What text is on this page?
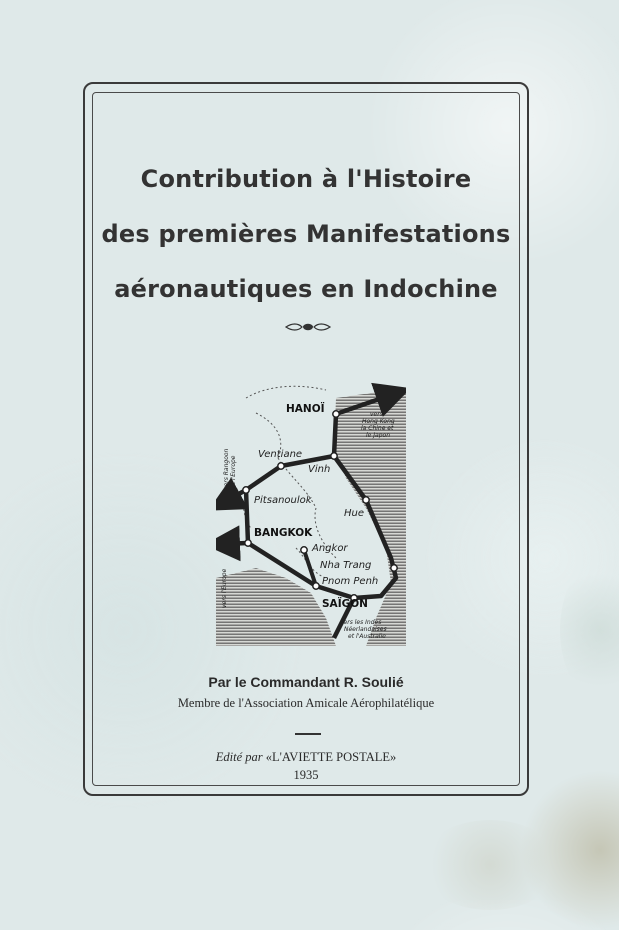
Contribution à l'Histoire
des premières Manifestations
aéronautiques en Indochine
HANOÏ
Ventiane
Vinh
Pitsanoulok
Hue
BANGKOK
Angkor
Nha Trang
Pnom Penh
SAÏGON
vers Rangoon et l'Europe
vers l'Europe
vers
Hong Kong
la Chine et
le Japon
vers les Indes
Néerlandaises
et l'Australie
Par le Commandant R. Soulié
Membre de l'Association Amicale Aérophilatélique
Edité par «L'AVIETTE POSTALE»
1935
